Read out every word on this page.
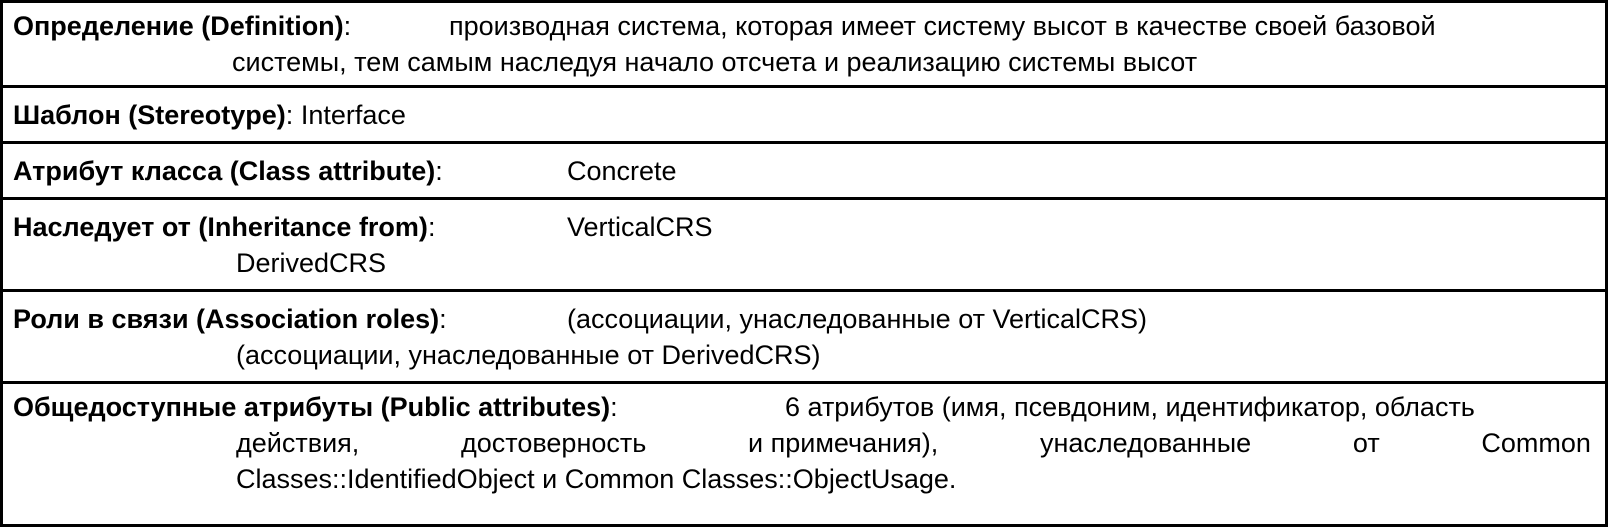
Определение (Definition):	производная система, которая имеет систему высот в качестве своей базовой
системы, тем самым наследуя начало отсчета и реализацию системы высот
Шаблон (Stereotype): Interface
Атрибут класса (Class attribute):	Concrete
Наследует от (Inheritance from):	VerticalCRS
DerivedCRS
Роли в связи (Association roles):	(ассоциации, унаследованные от VerticalCRS)
(ассоциации, унаследованные от DerivedCRS)
Общедоступные атрибуты (Public attributes):	6 атрибутов (имя, псевдоним, идентификатор, область
действия,	достоверность	и примечания),	унаследованные	от	Common
Classes::IdentifiedObject и Common Classes::ObjectUsage.
